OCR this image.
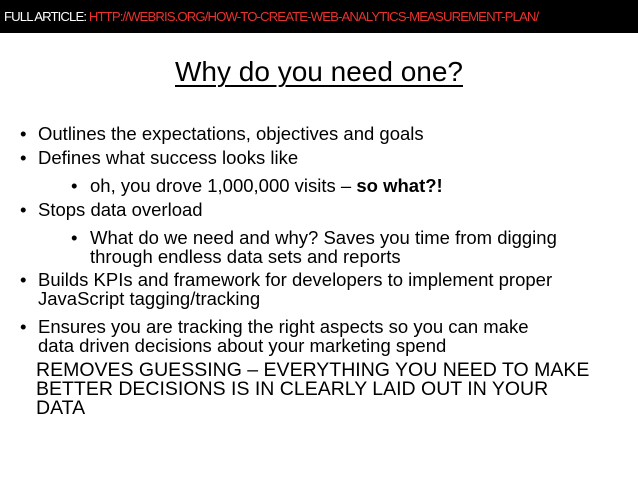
FULL ARTICLE: HTTP://WEBRIS.ORG/HOW-TO-CREATE-WEB-ANALYTICS-MEASUREMENT-PLAN/
Why do you need one?
• Outlines the expectations, objectives and goals
• Defines what success looks like
• oh, you drove 1,000,000 visits – so what?!
• Stops data overload
• What do we need and why? Saves you time from digging
through endless data sets and reports
• Builds KPIs and framework for developers to implement proper
JavaScript tagging/tracking
• Ensures you are tracking the right aspects so you can make
data driven decisions about your marketing spend
REMOVES GUESSING – EVERYTHING YOU NEED TO MAKE
BETTER DECISIONS IS IN CLEARLY LAID OUT IN YOUR
DATA
